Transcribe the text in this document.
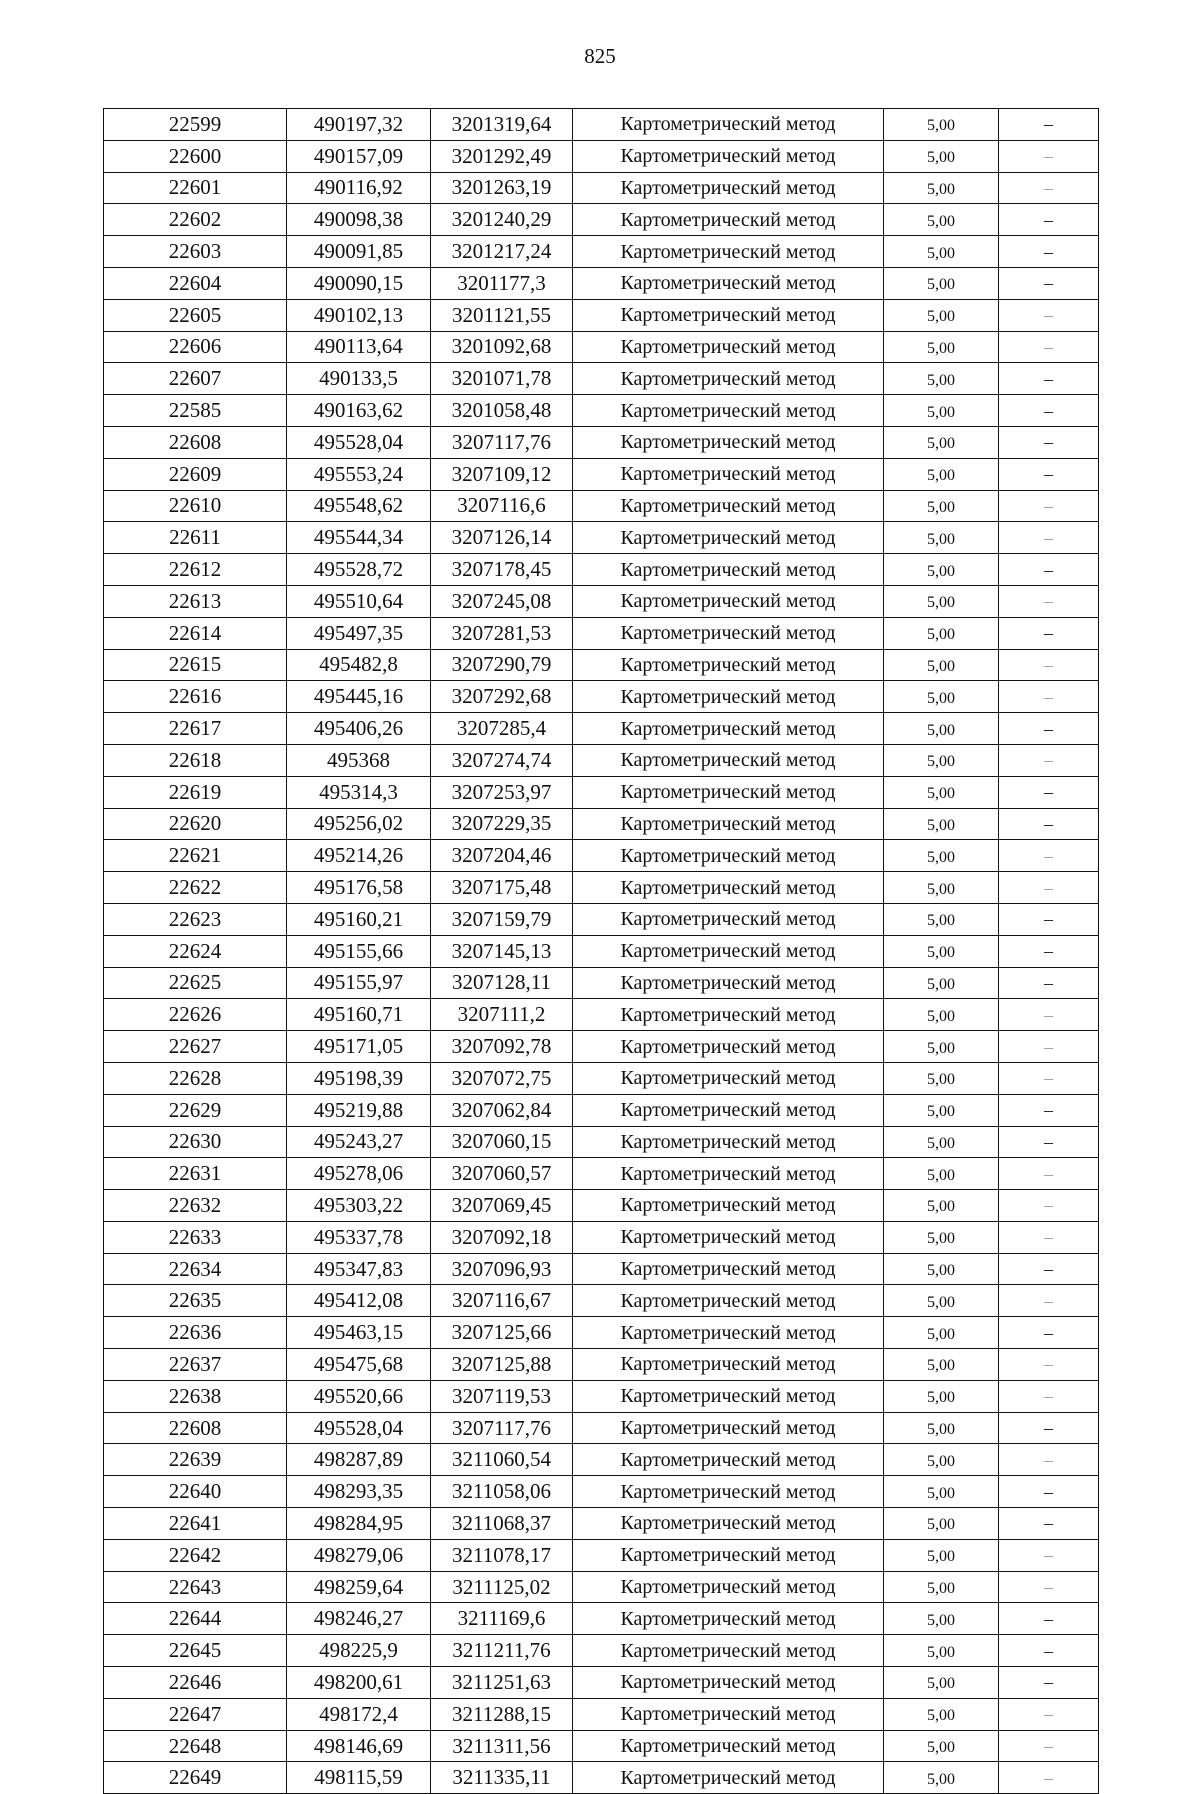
825
22599	490197,32	3201319,64	Картометрический метод	5,00	–
22600	490157,09	3201292,49	Картометрический метод	5,00	–
22601	490116,92	3201263,19	Картометрический метод	5,00	–
22602	490098,38	3201240,29	Картометрический метод	5,00	–
22603	490091,85	3201217,24	Картометрический метод	5,00	–
22604	490090,15	3201177,3	Картометрический метод	5,00	–
22605	490102,13	3201121,55	Картометрический метод	5,00	–
22606	490113,64	3201092,68	Картометрический метод	5,00	–
22607	490133,5	3201071,78	Картометрический метод	5,00	–
22585	490163,62	3201058,48	Картометрический метод	5,00	–
22608	495528,04	3207117,76	Картометрический метод	5,00	–
22609	495553,24	3207109,12	Картометрический метод	5,00	–
22610	495548,62	3207116,6	Картометрический метод	5,00	–
22611	495544,34	3207126,14	Картометрический метод	5,00	–
22612	495528,72	3207178,45	Картометрический метод	5,00	–
22613	495510,64	3207245,08	Картометрический метод	5,00	–
22614	495497,35	3207281,53	Картометрический метод	5,00	–
22615	495482,8	3207290,79	Картометрический метод	5,00	–
22616	495445,16	3207292,68	Картометрический метод	5,00	–
22617	495406,26	3207285,4	Картометрический метод	5,00	–
22618	495368	3207274,74	Картометрический метод	5,00	–
22619	495314,3	3207253,97	Картометрический метод	5,00	–
22620	495256,02	3207229,35	Картометрический метод	5,00	–
22621	495214,26	3207204,46	Картометрический метод	5,00	–
22622	495176,58	3207175,48	Картометрический метод	5,00	–
22623	495160,21	3207159,79	Картометрический метод	5,00	–
22624	495155,66	3207145,13	Картометрический метод	5,00	–
22625	495155,97	3207128,11	Картометрический метод	5,00	–
22626	495160,71	3207111,2	Картометрический метод	5,00	–
22627	495171,05	3207092,78	Картометрический метод	5,00	–
22628	495198,39	3207072,75	Картометрический метод	5,00	–
22629	495219,88	3207062,84	Картометрический метод	5,00	–
22630	495243,27	3207060,15	Картометрический метод	5,00	–
22631	495278,06	3207060,57	Картометрический метод	5,00	–
22632	495303,22	3207069,45	Картометрический метод	5,00	–
22633	495337,78	3207092,18	Картометрический метод	5,00	–
22634	495347,83	3207096,93	Картометрический метод	5,00	–
22635	495412,08	3207116,67	Картометрический метод	5,00	–
22636	495463,15	3207125,66	Картометрический метод	5,00	–
22637	495475,68	3207125,88	Картометрический метод	5,00	–
22638	495520,66	3207119,53	Картометрический метод	5,00	–
22608	495528,04	3207117,76	Картометрический метод	5,00	–
22639	498287,89	3211060,54	Картометрический метод	5,00	–
22640	498293,35	3211058,06	Картометрический метод	5,00	–
22641	498284,95	3211068,37	Картометрический метод	5,00	–
22642	498279,06	3211078,17	Картометрический метод	5,00	–
22643	498259,64	3211125,02	Картометрический метод	5,00	–
22644	498246,27	3211169,6	Картометрический метод	5,00	–
22645	498225,9	3211211,76	Картометрический метод	5,00	–
22646	498200,61	3211251,63	Картометрический метод	5,00	–
22647	498172,4	3211288,15	Картометрический метод	5,00	–
22648	498146,69	3211311,56	Картометрический метод	5,00	–
22649	498115,59	3211335,11	Картометрический метод	5,00	–
